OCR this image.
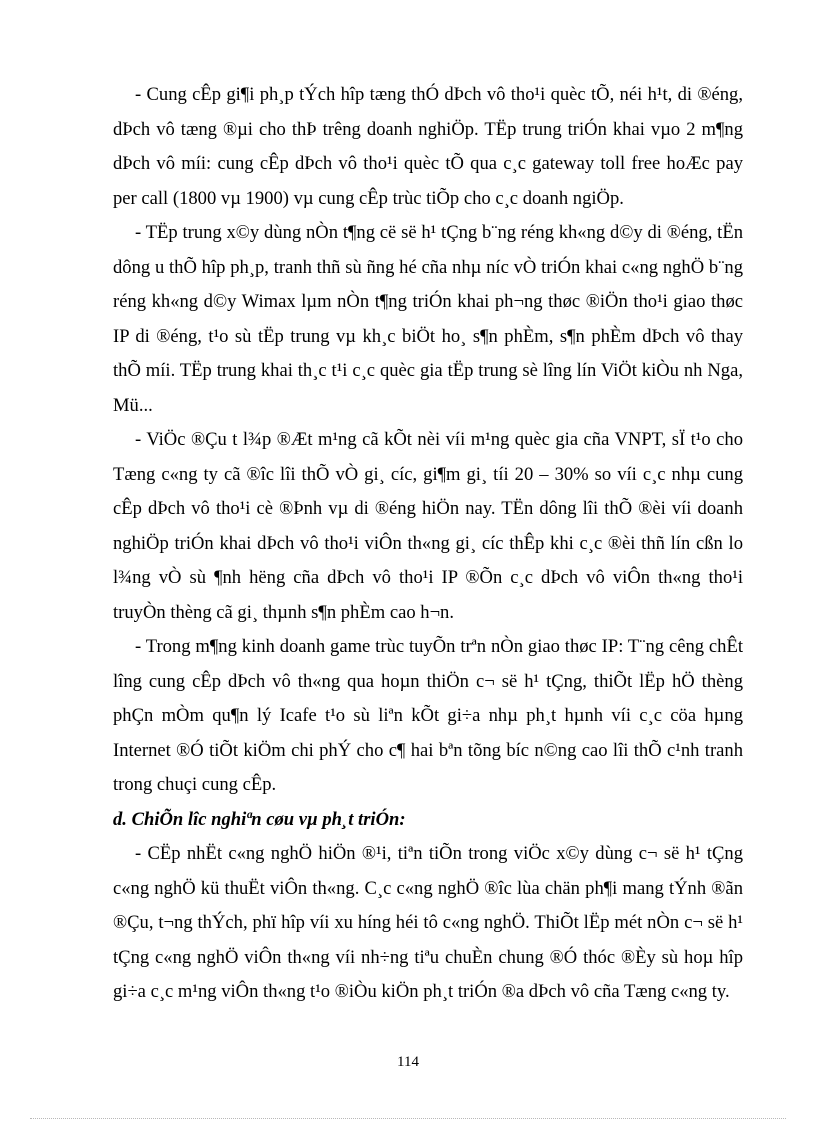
- Cung cÊp gi¶i ph¸p tÝch hîp tæng thÓ dÞch vô tho¹i quèc tÕ, néi h¹t, di ®éng, dÞch vô tæng ®µi cho thÞ trêng doanh nghiÖp. TËp trung triÓn khai vµo 2 m¶ng dÞch vô míi: cung cÊp dÞch vô tho¹i quèc tÕ qua c¸c gateway toll free hoÆc pay per call (1800 vµ 1900) vµ cung cÊp trùc tiÕp cho c¸c doanh ngiÖp.

- TËp trung x©y dùng nÒn t¶ng cë së h¹ tÇng b¨ng réng kh«ng d©y di ®éng, tËn dông u thÕ hîp ph¸p, tranh thñ sù ñng hé cña nhµ níc vÒ triÓn khai c«ng nghÖ b¨ng réng kh«ng d©y Wimax lµm nÒn t¶ng triÓn khai ph¬ng thøc ®iÖn tho¹i giao thøc IP di ®éng, t¹o sù tËp trung vµ kh¸c biÖt ho¸ s¶n phÈm, s¶n phÈm dÞch vô thay thÕ míi. TËp trung khai th¸c t¹i c¸c quèc gia tËp trung sè lîng lín ViÖt kiÒu nh Nga, Mü...

- ViÖc ®Çu t l¾p ®Æt m¹ng cã kÕt nèi víi m¹ng quèc gia cña VNPT, sÏ t¹o cho Tæng c«ng ty cã ®îc lîi thÕ vÒ gi¸ cíc, gi¶m gi¸ tíi 20 – 30% so víi c¸c nhµ cung cÊp dÞch vô tho¹i cè ®Þnh vµ di ®éng hiÖn nay. TËn dông lîi thÕ ®èi víi doanh nghiÖp triÓn khai dÞch vô tho¹i viÔn th«ng gi¸ cíc thÊp khi c¸c ®èi thñ lín cßn lo l¾ng vÒ sù ¶nh hëng cña dÞch vô tho¹i IP ®Õn c¸c dÞch vô viÔn th«ng tho¹i truyÒn thèng cã gi¸ thµnh s¶n phÈm cao h¬n.

- Trong m¶ng kinh doanh game trùc tuyÕn trªn nÒn giao thøc IP: T¨ng cêng chÊt lîng cung cÊp dÞch vô th«ng qua hoµn thiÖn c¬ së h¹ tÇng, thiÕt lËp hÖ thèng phÇn mÒm qu¶n lý Icafe t¹o sù liªn kÕt gi÷a nhµ ph¸t hµnh víi c¸c cöa hµng Internet ®Ó tiÕt kiÖm chi phÝ cho c¶ hai bªn tõng bíc n©ng cao lîi thÕ c¹nh tranh trong chuçi cung cÊp.

d. ChiÕn lîc nghiªn cøu vµ ph¸t triÓn:

- CËp nhËt c«ng nghÖ hiÖn ®¹i, tiªn tiÕn trong viÖc x©y dùng c¬ së h¹ tÇng c«ng nghÖ kü thuËt viÔn th«ng. C¸c c«ng nghÖ ®îc lùa chän ph¶i mang tÝnh ®ãn ®Çu, t¬ng thÝch, phï hîp víi xu híng héi tô c«ng nghÖ. ThiÕt lËp mét nÒn c¬ së h¹ tÇng c«ng nghÖ viÔn th«ng víi nh÷ng tiªu chuÈn chung ®Ó thóc ®Èy sù hoµ hîp gi÷a c¸c m¹ng viÔn th«ng t¹o ®iÒu kiÖn ph¸t triÓn ®a dÞch vô cña Tæng c«ng ty.

114
